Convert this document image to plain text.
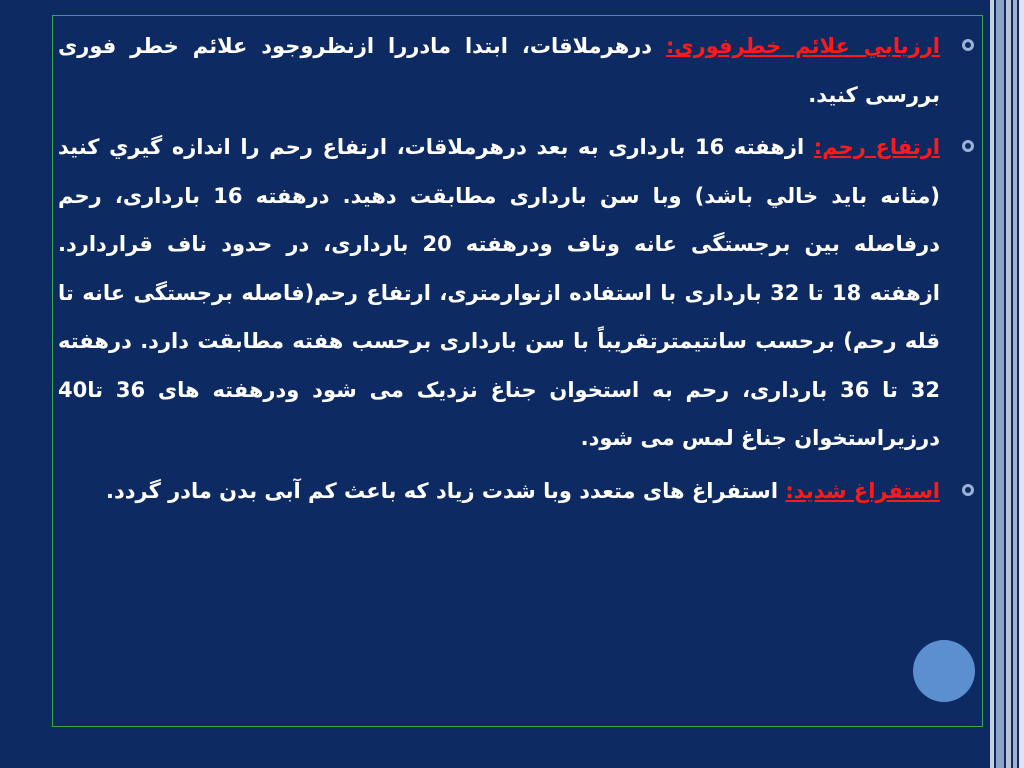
ارزيابي علائم خطرفوری: درهرملاقات، ابتدا مادررا ازنظروجود علائم خطر فوری بررسی کنید.

ارتفاع رحم: ازهفته 16 بارداری به بعد درهرملاقات، ارتفاع رحم را اندازه گيري کنید (مثانه بايد خالي باشد) وبا سن بارداری مطابقت دهید. درهفته 16 بارداری، رحم درفاصله بین برجستگی عانه وناف ودرهفته 20 بارداری، در حدود ناف قراردارد. ازهفته 18 تا 32 بارداری با استفاده ازنوارمتری، ارتفاع رحم(فاصله برجستگی عانه تا قله رحم) برحسب سانتیمترتقریباً با سن بارداری برحسب هفته مطابقت دارد. درهفته 32 تا 36 بارداری، رحم به استخوان جناغ نزدیک می شود ودرهفته های 36 تا40 درزيراستخوان جناغ لمس می شود.

استفراغ شدید: استفراغ های متعدد وبا شدت زیاد که باعث کم آبی بدن مادر گردد.
